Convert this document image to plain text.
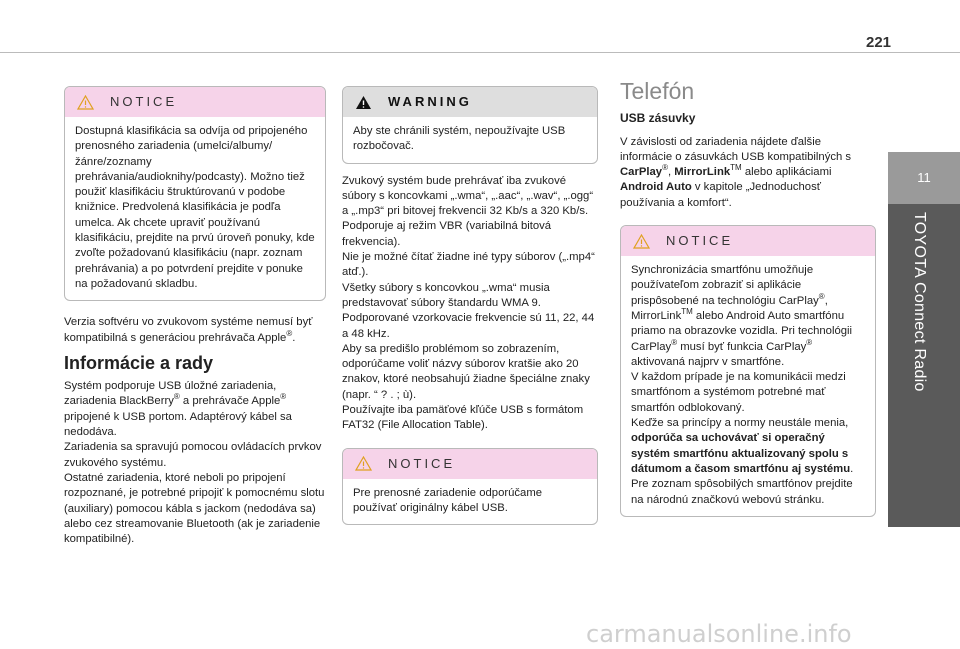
221
11
TOYOTA Connect Radio
NOTICE
Dostupná klasifikácia sa odvíja od pripojeného prenosného zariadenia (umelci/albumy/žánre/zoznamy prehrávania/audioknihy/podcasty). Možno tiež použiť klasifikáciu štruktúrovanú v podobe knižnice. Predvolená klasifikácia je podľa umelca. Ak chcete upraviť používanú klasifikáciu, prejdite na prvú úroveň ponuky, kde zvoľte požadovanú klasifikáciu (napr. zoznam prehrávania) a po potvrdení prejdite v ponuke na požadovanú skladbu.

Verzia softvéru vo zvukovom systéme nemusí byť kompatibilná s generáciou prehrávača Apple®.

Informácie a rady
Systém podporuje USB úložné zariadenia, zariadenia BlackBerry® a prehrávače Apple® pripojené k USB portom. Adaptérový kábel sa nedodáva.
Zariadenia sa spravujú pomocou ovládacích prvkov zvukového systému.
Ostatné zariadenia, ktoré neboli po pripojení rozpoznané, je potrebné pripojiť k pomocnému slotu (auxiliary) pomocou kábla s jackom (nedodáva sa) alebo cez streamovanie Bluetooth (ak je zariadenie kompatibilné).
WARNING
Aby ste chránili systém, nepoužívajte USB rozbočovač.
Zvukový systém bude prehrávať iba zvukové súbory s koncovkami „.wma“, „.aac“, „.wav“, „.ogg“ a „.mp3“ pri bitovej frekvencii 32 Kb/s a 320 Kb/s.
Podporuje aj režim VBR (variabilná bitová frekvencia).
Nie je možné čítať žiadne iné typy súborov („.mp4“ atď.).
Všetky súbory s koncovkou „.wma“ musia predstavovať súbory štandardu WMA 9.
Podporované vzorkovacie frekvencie sú 11, 22, 44 a 48 kHz.
Aby sa predišlo problémom so zobrazením, odporúčame voliť názvy súborov kratšie ako 20 znakov, ktoré neobsahujú žiadne špeciálne znaky (napr. “ ? . ; ù).
Používajte iba pamäťové kľúče USB s formátom FAT32 (File Allocation Table).
NOTICE
Pre prenosné zariadenie odporúčame používať originálny kábel USB.
Telefón
USB zásuvky
V závislosti od zariadenia nájdete ďalšie informácie o zásuvkách USB kompatibilných s CarPlay®, MirrorLink™ alebo aplikáciami Android Auto v kapitole „Jednoduchosť používania a komfort“.
NOTICE
Synchronizácia smartfónu umožňuje používateľom zobraziť si aplikácie prispôsobené na technológiu CarPlay®, MirrorLink™ alebo Android Auto smartfónu priamo na obrazovke vozidla. Pri technológii CarPlay® musí byť funkcia CarPlay® aktivovaná najprv v smartfóne.
V každom prípade je na komunikácii medzi smartfónom a systémom potrebné mať smartfón odblokovaný.
Keďže sa princípy a normy neustále menia, odporúča sa uchovávať si operačný systém smartfónu aktualizovaný spolu s dátumom a časom smartfónu aj systému.
Pre zoznam spôsobilých smartfónov prejdite na národnú značkovú webovú stránku.
carmanualsonline.info
